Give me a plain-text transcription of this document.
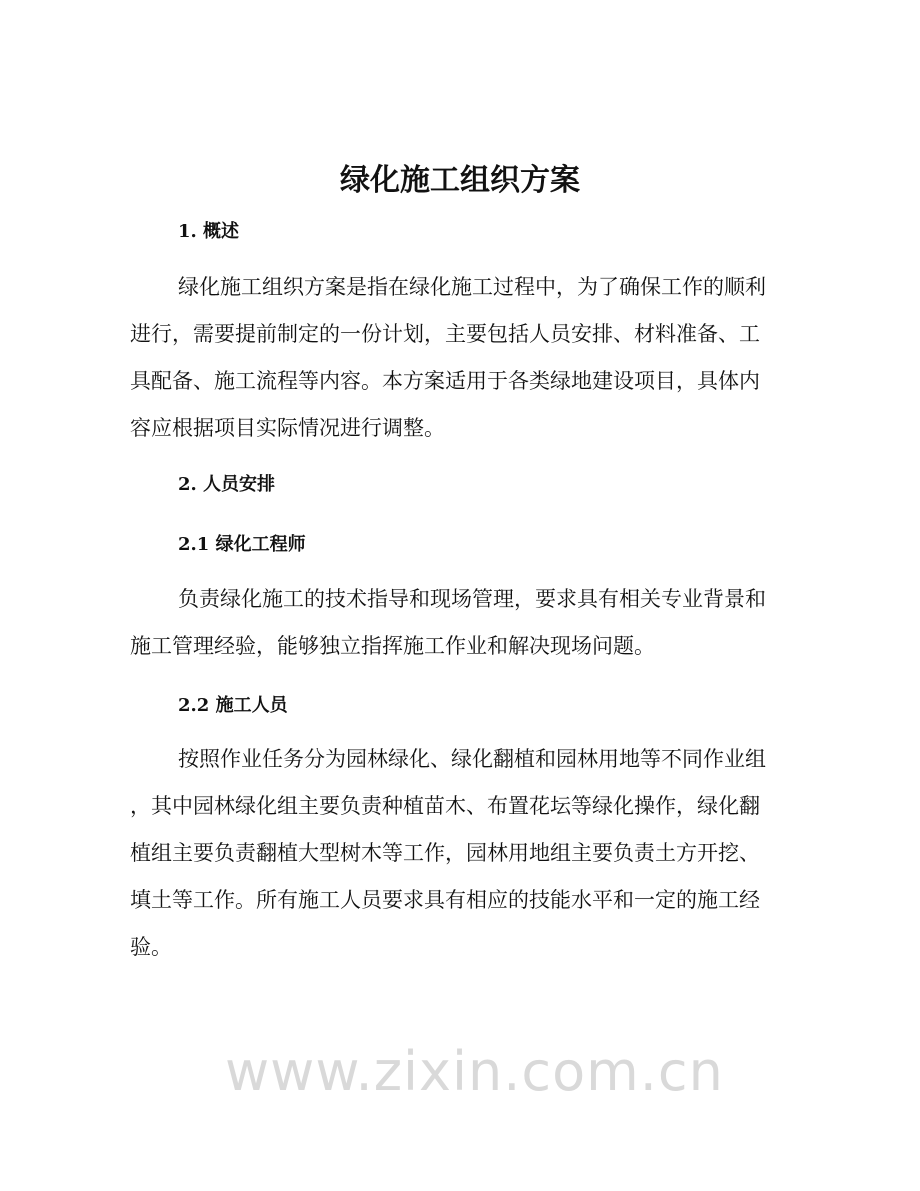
绿化施工组织方案
1. 概述
绿化施工组织方案是指在绿化施工过程中，为了确保工作的顺利
进行，需要提前制定的一份计划，主要包括人员安排、材料准备、工
具配备、施工流程等内容。本方案适用于各类绿地建设项目，具体内
容应根据项目实际情况进行调整。
2. 人员安排
2.1 绿化工程师
负责绿化施工的技术指导和现场管理，要求具有相关专业背景和
施工管理经验，能够独立指挥施工作业和解决现场问题。
2.2 施工人员
按照作业任务分为园林绿化、绿化翻植和园林用地等不同作业组
，其中园林绿化组主要负责种植苗木、布置花坛等绿化操作，绿化翻
植组主要负责翻植大型树木等工作，园林用地组主要负责土方开挖、
填土等工作。所有施工人员要求具有相应的技能水平和一定的施工经
验。
www.zixin.com.cn
